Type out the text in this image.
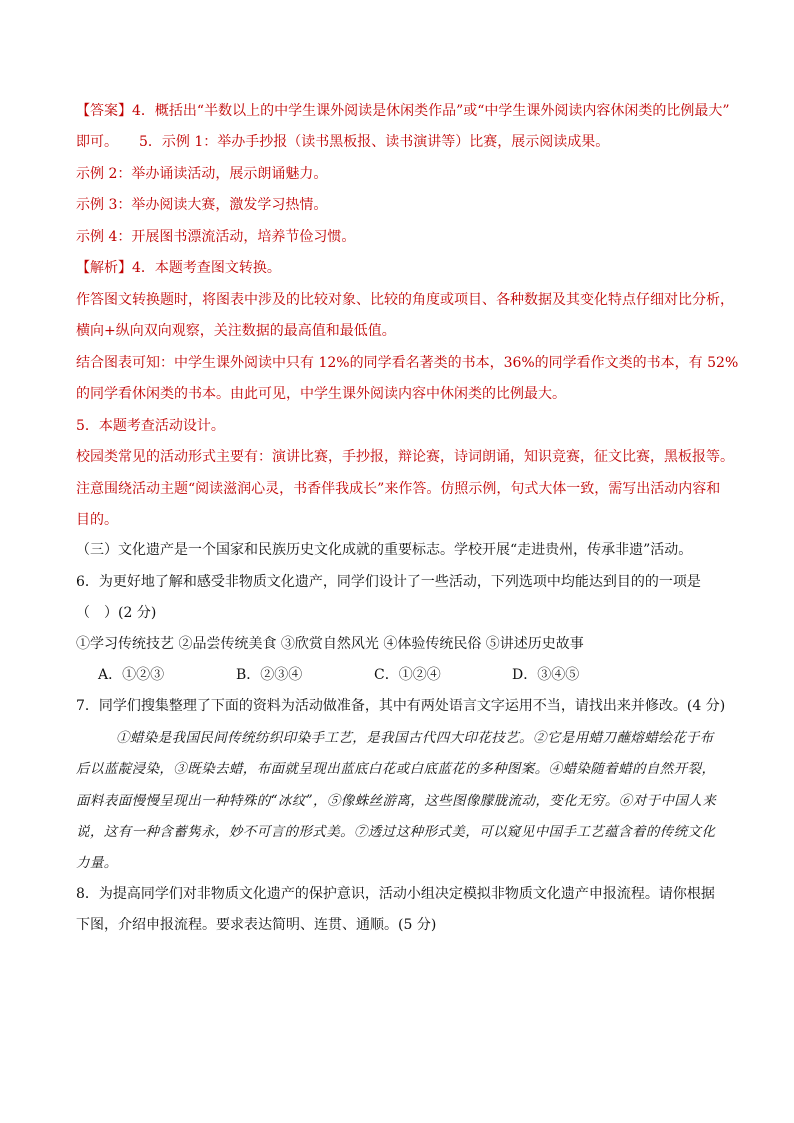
【答案】4．概括出“半数以上的中学生课外阅读是休闲类作品”或“中学生课外阅读内容休闲类的比例最大”
即可。　　5．示例 1：举办手抄报（读书黑板报、读书演讲等）比赛，展示阅读成果。
示例 2：举办诵读活动，展示朗诵魅力。
示例 3：举办阅读大赛，激发学习热情。
示例 4：开展图书漂流活动，培养节俭习惯。
【解析】4．本题考查图文转换。
作答图文转换题时，将图表中涉及的比较对象、比较的角度或项目、各种数据及其变化特点仔细对比分析，
横向+纵向双向观察，关注数据的最高值和最低值。
结合图表可知：中学生课外阅读中只有 12%的同学看名著类的书本，36%的同学看作文类的书本，有 52%
的同学看休闲类的书本。由此可见，中学生课外阅读内容中休闲类的比例最大。
5．本题考查活动设计。
校园类常见的活动形式主要有：演讲比赛，手抄报，辩论赛，诗词朗诵，知识竞赛，征文比赛，黑板报等。
注意围绕活动主题“阅读滋润心灵，书香伴我成长”来作答。仿照示例，句式大体一致，需写出活动内容和
目的。
（三）文化遗产是一个国家和民族历史文化成就的重要标志。学校开展“走进贵州，传承非遗”活动。
6．为更好地了解和感受非物质文化遗产，同学们设计了一些活动，下列选项中均能达到目的的一项是
（　）(2 分)
①学习传统技艺 ②品尝传统美食 ③欣赏自然风光 ④体验传统民俗 ⑤讲述历史故事
A．①②③	B．②③④	C．①②④	D．③④⑤
7．同学们搜集整理了下面的资料为活动做准备，其中有两处语言文字运用不当，请找出来并修改。(4 分)
①蜡染是我国民间传统纺织印染手工艺，是我国古代四大印花技艺。②它是用蜡刀蘸熔蜡绘花于布
后以蓝靛浸染，③既染去蜡，布面就呈现出蓝底白花或白底蓝花的多种图案。④蜡染随着蜡的自然开裂，
面料表面慢慢呈现出一种特殊的“冰纹”，⑤像蛛丝游离，这些图像朦胧流动，变化无穷。⑥对于中国人来
说，这有一种含蓄隽永，妙不可言的形式美。⑦透过这种形式美，可以窥见中国手工艺蕴含着的传统文化
力量。
8．为提高同学们对非物质文化遗产的保护意识，活动小组决定模拟非物质文化遗产申报流程。请你根据
下图，介绍申报流程。要求表达简明、连贯、通顺。(5 分)
